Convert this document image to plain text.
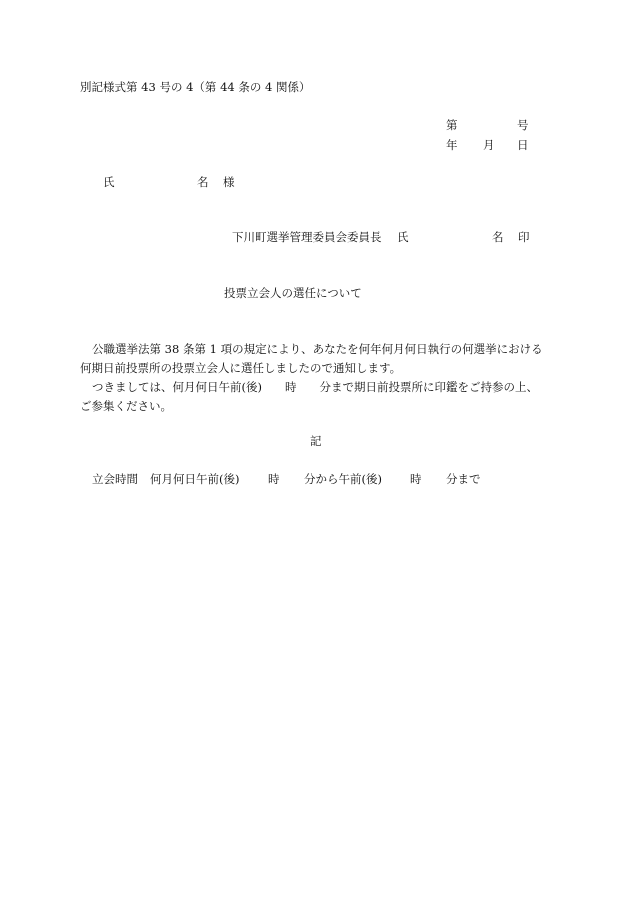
別記様式第 43 号の 4（第 44 条の 4 関係）
第	号
年 月 日
氏	名 様
下川町選挙管理委員会委員長 氏	名 印
投票立会人の選任について
公職選挙法第 38 条第 1 項の規定により、あなたを何年何月何日執行の何選挙における
何期日前投票所の投票立会人に選任しましたので通知します。
つきましては、何月何日午前(後)　　時　　分まで期日前投票所に印鑑をご持参の上、
ご参集ください。
記
立会時間 何月何日午前(後) 時 分から午前(後) 時 分まで
